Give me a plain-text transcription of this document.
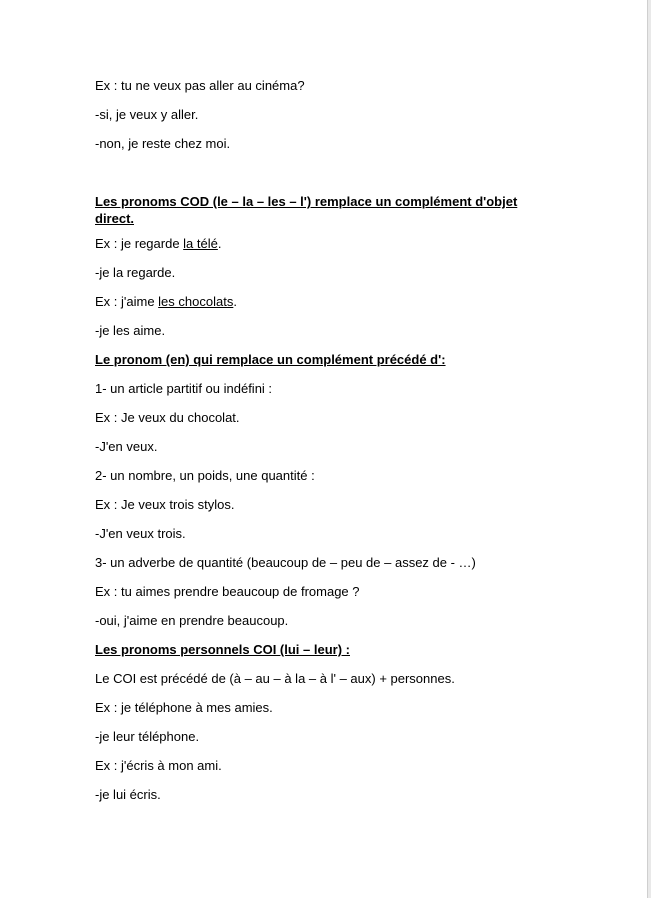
Ex : tu ne veux pas aller au cinéma?

-si, je veux y aller.

-non, je reste chez moi.

Les pronoms COD (le – la – les – l') remplace un complément d'objet direct.

Ex : je regarde la télé.

-je la regarde.

Ex : j'aime les chocolats.

-je les aime.

Le pronom (en) qui remplace un complément précédé d':

1- un article partitif ou indéfini :

Ex : Je veux du chocolat.

-J'en veux.

2- un nombre, un poids, une quantité :

Ex : Je veux trois stylos.

-J'en veux trois.

3- un adverbe de quantité (beaucoup de – peu de – assez de - …)

Ex : tu aimes prendre beaucoup de fromage ?

-oui, j'aime en prendre beaucoup.

Les pronoms personnels COI (lui – leur) :

Le COI est précédé de (à – au – à la – à l' – aux) + personnes.

Ex : je téléphone à mes amies.

-je leur téléphone.

Ex : j'écris à mon ami.

-je lui écris.
